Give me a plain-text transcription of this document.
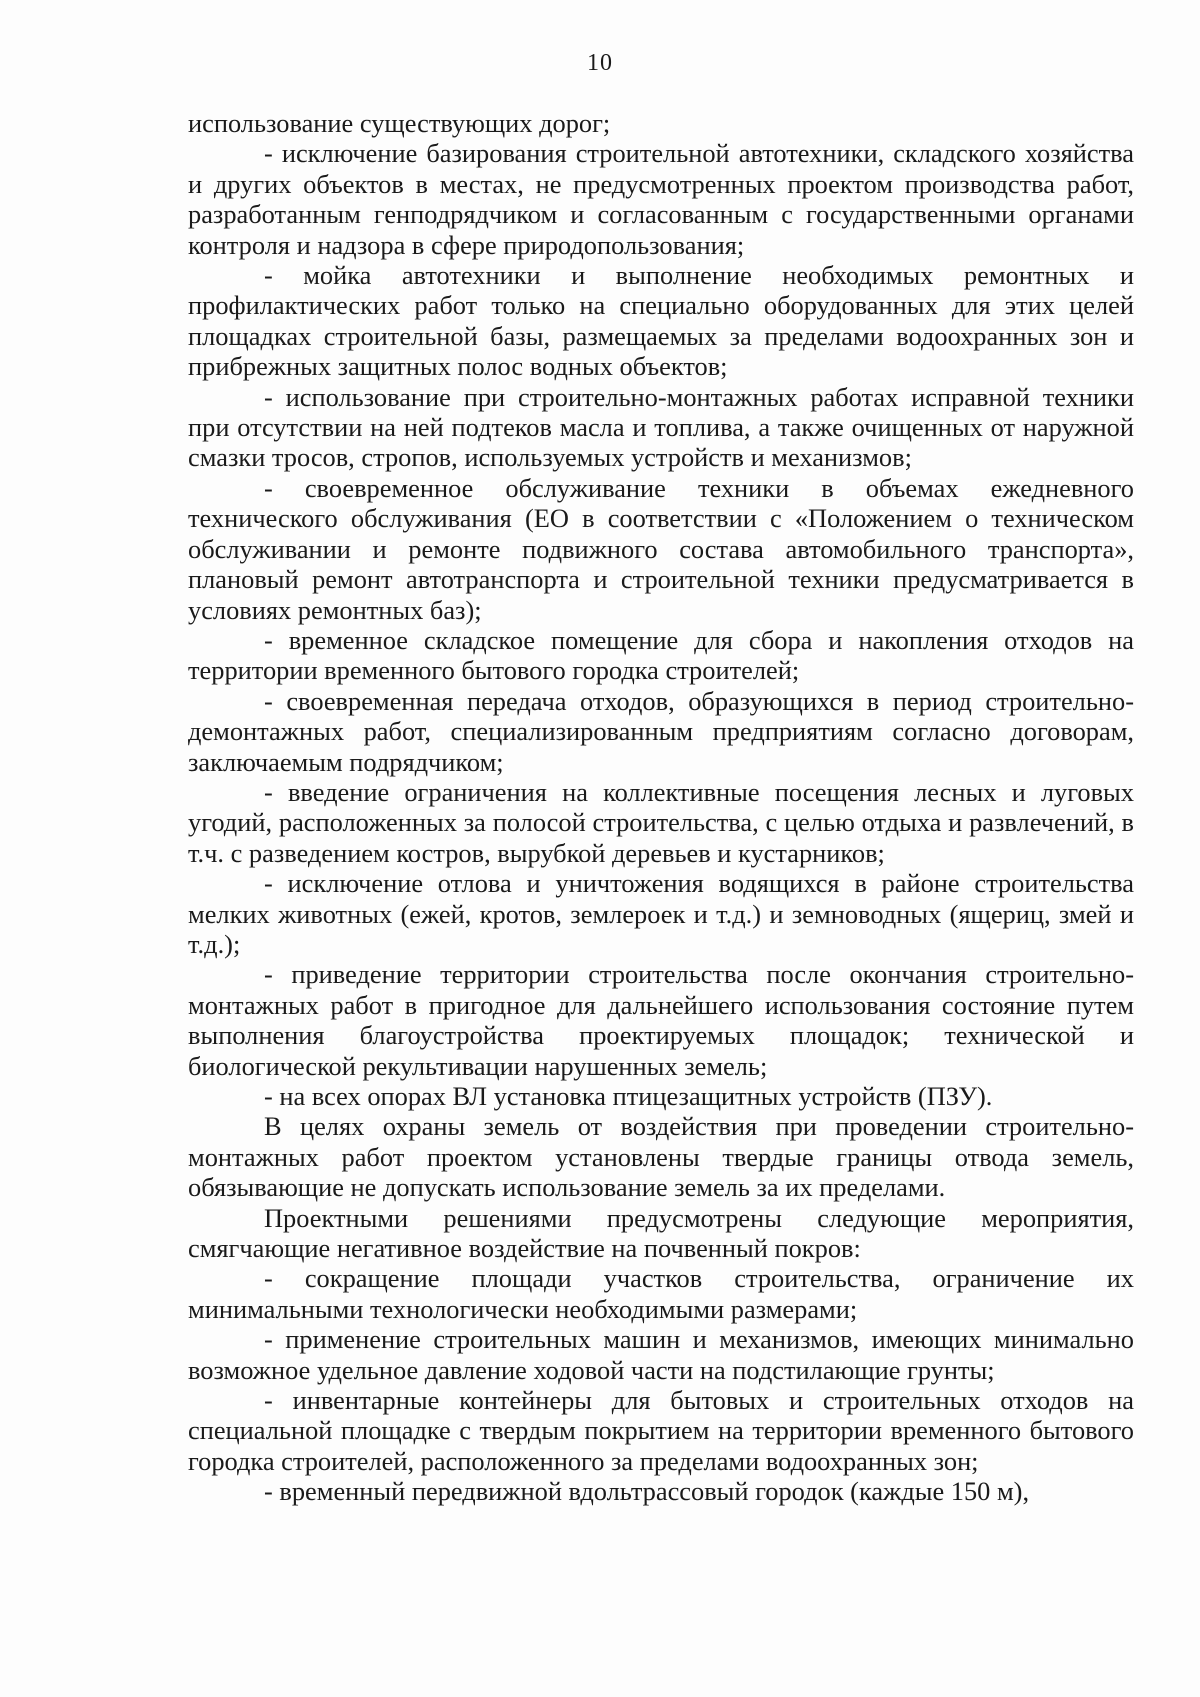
10

использование существующих дорог;

- исключение базирования строительной автотехники, складского хозяйства и других объектов в местах, не предусмотренных проектом производства работ, разработанным генподрядчиком и согласованным с государственными органами контроля и надзора в сфере природопользования;

- мойка автотехники и выполнение необходимых ремонтных и профилактических работ только на специально оборудованных для этих целей площадках строительной базы, размещаемых за пределами водоохранных зон и прибрежных защитных полос водных объектов;

- использование при строительно-монтажных работах исправной техники при отсутствии на ней подтеков масла и топлива, а также очищенных от наружной смазки тросов, стропов, используемых устройств и механизмов;

- своевременное обслуживание техники в объемах ежедневного технического обслуживания (ЕО в соответствии с «Положением о техническом обслуживании и ремонте подвижного состава автомобильного транспорта», плановый ремонт автотранспорта и строительной техники предусматривается в условиях ремонтных баз);

- временное складское помещение для сбора и накопления отходов на территории временного бытового городка строителей;

- своевременная передача отходов, образующихся в период строительно-демонтажных работ, специализированным предприятиям согласно договорам, заключаемым подрядчиком;

- введение ограничения на коллективные посещения лесных и луговых угодий, расположенных за полосой строительства, с целью отдыха и развлечений, в т.ч. с разведением костров, вырубкой деревьев и кустарников;

- исключение отлова и уничтожения водящихся в районе строительства мелких животных (ежей, кротов, землероек и т.д.) и земноводных (ящериц, змей и т.д.);

- приведение территории строительства после окончания строительно-монтажных работ в пригодное для дальнейшего использования состояние путем выполнения благоустройства проектируемых площадок; технической и биологической рекультивации нарушенных земель;

- на всех опорах ВЛ установка птицезащитных устройств (ПЗУ).

В целях охраны земель от воздействия при проведении строительно-монтажных работ проектом установлены твердые границы отвода земель, обязывающие не допускать использование земель за их пределами.

Проектными решениями предусмотрены следующие мероприятия, смягчающие негативное воздействие на почвенный покров:

- сокращение площади участков строительства, ограничение их минимальными технологически необходимыми размерами;

- применение строительных машин и механизмов, имеющих минимально возможное удельное давление ходовой части на подстилающие грунты;

- инвентарные контейнеры для бытовых и строительных отходов на специальной площадке с твердым покрытием на территории временного бытового городка строителей, расположенного за пределами водоохранных зон;

- временный передвижной вдольтрассовый городок (каждые 150 м),
